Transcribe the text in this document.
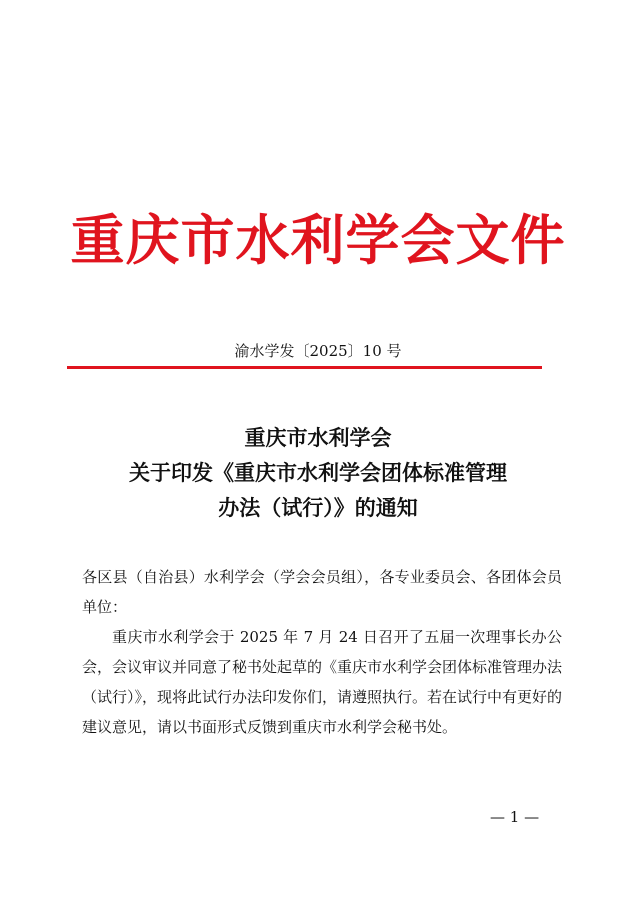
重庆市水利学会文件
渝水学发〔2025〕10 号
重庆市水利学会
关于印发《重庆市水利学会团体标准管理
办法（试行）》的通知

各区县（自治县）水利学会（学会会员组），各专业委员会、各团体会员单位：

重庆市水利学会于 2025 年 7 月 24 日召开了五届一次理事长办公会，会议审议并同意了秘书处起草的《重庆市水利学会团体标准管理办法（试行）》，现将此试行办法印发你们，请遵照执行。若在试行中有更好的建议意见，请以书面形式反馈到重庆市水利学会秘书处。

— 1 —
